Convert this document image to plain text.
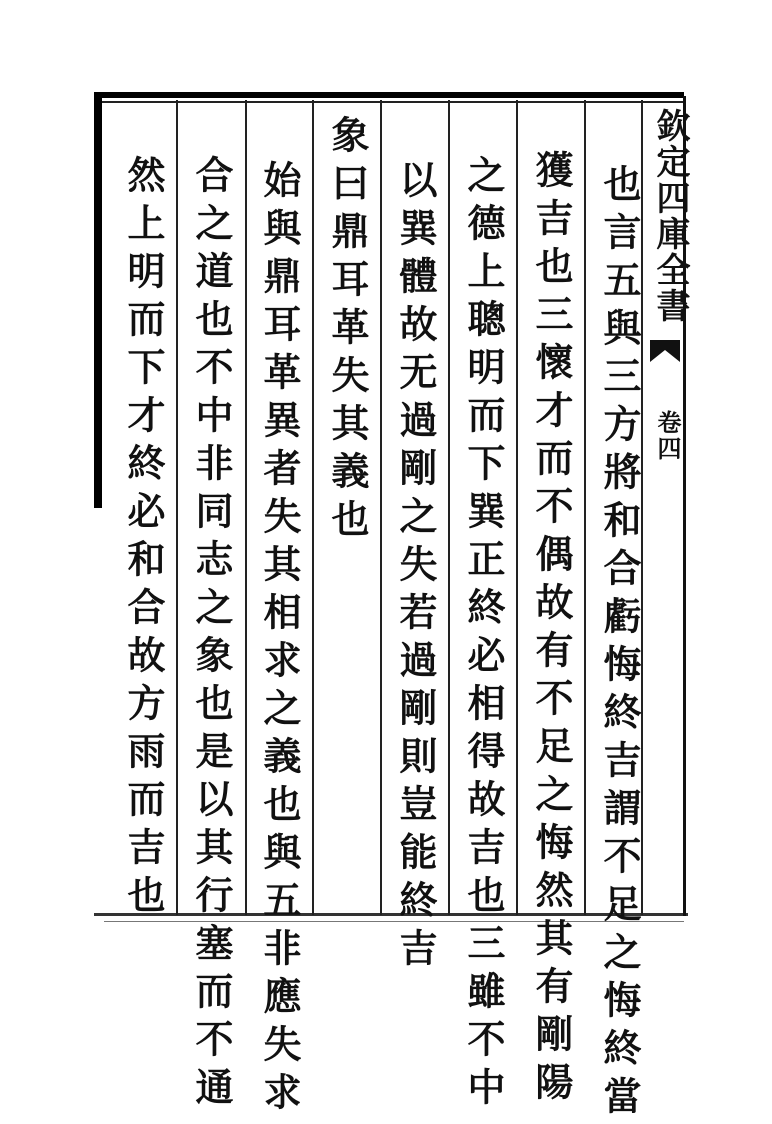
欽定四庫全書
卷四
也言五與三方將和合虧悔終吉謂不足之悔終當
獲吉也三懷才而不偶故有不足之悔然其有剛陽
之德上聰明而下巽正終必相得故吉也三雖不中
以巽體故无過剛之失若過剛則豈能終吉
象曰鼎耳革失其義也
始與鼎耳革異者失其相求之義也與五非應失求
合之道也不中非同志之象也是以其行塞而不通
然上明而下才終必和合故方雨而吉也
